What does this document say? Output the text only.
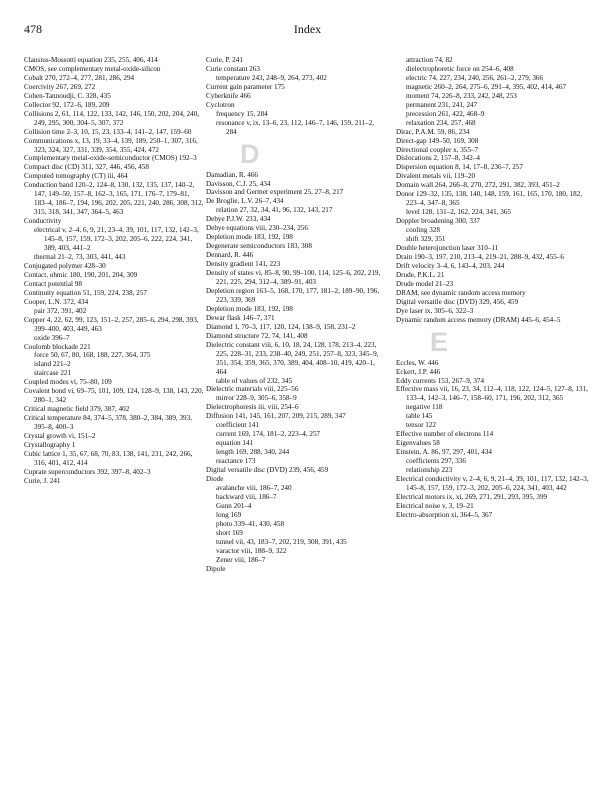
478	Index
Clausius-Mossotti equation 235, 255, 406, 414
CMOS, see complementary metal-oxide-silicon
Cobalt 270, 272–4, 277, 281, 286, 294
Coercivity 267, 269, 272
Cohen-Tannoudji, C. 328, 435
Collector 92, 172–6, 189, 209
Collisions 2, 61, 114, 122, 133, 142, 146, 150, 202, 204, 240, 249, 295, 300, 304–5, 307, 372
Collision time 2–3, 10, 15, 23, 133–4, 141–2, 147, 159–60
Communications x, 13, 19, 33–4, 139, 189, 250–1, 307, 316, 323, 324, 327, 331, 339, 354, 355, 424, 472
Complementary metal-oxide-semiconductor (CMOS) 192–3
Compact disc (CD) 311, 327, 446, 456, 458
Computed tomography (CT) iii, 464
Conduction band 120–2, 124–8, 130, 132, 135, 137, 140–2, 147, 149–50, 157–8, 162–3, 165, 171, 176–7, 179–81, 183–4, 186–7, 194, 196, 202, 205, 221, 240, 286, 308, 312, 315, 318, 341, 347, 364–5, 463
Conductivity
electrical v, 2–4, 6, 9, 21, 23–4, 39, 101, 117, 132, 142–3, 145–8, 157, 159, 172–3, 202, 205–6, 222, 224, 341, 389, 403, 441–2
thermal 21–2, 73, 303, 441, 443
Conjugated polymer 428–30
Contact, ohmic 180, 190, 201, 204, 309
Contact potential 98
Continuity equation 51, 159, 224, 238, 257
Cooper, L.N. 372, 434
pair 372, 391, 402
Copper 4, 22, 62, 99, 123, 151–2, 257, 285–6, 294, 298, 393, 399–400, 403, 449, 463
oxide 396–7
Coulomb blockade 221
force 50, 67, 80, 168, 188, 227, 364, 375
island 221–2
staircase 221
Coupled modes vi, 75–80, 109
Covalent bond vi, 69–75, 101, 109, 124, 128–9, 138, 143, 220, 280–1, 342
Critical magnetic field 379, 387, 402
Critical temperature 84, 374–5, 378, 380–2, 384, 389, 393, 395–8, 400–3
Crystal growth vi, 151–2
Crystallography 1
Cubic lattice 1, 35, 67, 68, 70, 83, 138, 141, 231, 242, 266, 316, 401, 412, 414
Cuprate superconductors 392, 397–8, 402–3
Curie, J. 241
Curie, P. 241
Curie constant 263
temperature 243, 248–9, 264, 273, 402
Current gain parameter 175
Cyberknife 466
Cyclotron
frequency 15, 284
resonance v, ix, 13–6, 23, 112, 146–7, 146, 159, 211–2, 284
D
Damadian, R. 466
Davisson, C.J. 25, 434
Davisson and Germer experiment 25, 27–8, 217
De Broglie, L.V. 26–7, 434
relation 27, 32, 34, 41, 96, 132, 143, 217
Debye P.J.W. 233, 434
Debye equations viii, 230–234, 256
Depletion mode 183, 192, 198
Degenerate semiconductors 183, 308
Dennard, R. 446
Density gradient 141, 223
Density of states vi, 85–8, 90, 99–100, 114, 125–6, 202, 219, 221, 225, 294, 312–4, 389–91, 403
Depletion region 163–5, 168, 170, 177, 181–2, 189–90, 196, 223, 339, 369
Depletion mode 183, 192, 198
Dewar flask 146–7, 371
Diamond 1, 70–3, 117, 120, 124, 138–9, 158, 231–2
Diamond structure 72, 74, 141, 408
Dielectric constant viii, 6, 10, 18, 24, 128, 178, 213–4, 223, 225, 228–31, 233, 238–40, 249, 251, 257–8, 323, 345–9, 351, 354, 359, 365, 370, 389, 404, 408–10, 419, 420–1, 464
table of values of 232, 345
Dielectric materials viii, 225–56
mirror 228–9, 305–6, 358–9
Dielectrophoresis iii, viii, 254–6
Diffusion 141, 145, 161, 207, 209, 215, 289, 347
coefficient 141
current 169, 174, 181–2, 223–4, 257
equation 141
length 169, 288, 340, 244
reactance 173
Digital versatile disc (DVD) 239, 456, 459
Diode
avalanche viii, 186–7, 240
backward viii, 186–7
Gunn 201–4
long 169
photo 339–41, 430, 458
short 169
tunnel vii, 43, 183–7, 202, 219, 308, 391, 435
varactor viii, 188–9, 322
Zener viii, 186–7
Dipole
attraction 74, 82
dielectrophoretic force on 254–6, 408
electric 74, 227, 234, 240, 256, 261–2, 279, 366
magnetic 260–2, 264, 275–6, 291–4, 395, 402, 414, 467
moment 74, 226–8, 233, 242, 248, 253
permanent 231, 241, 247
precession 261, 422, 468–9
relaxation 234, 257, 468
Dirac, P.A.M. 59, 86, 234
Direct-gap 149–50, 169, 308
Directional coupler x, 355–7
Dislocations 2, 157–8, 342–4
Dispersion equation 8, 14, 17–8, 236–7, 257
Divalent metals vii, 119–20
Domain wall 264, 266–8, 270, 272, 291, 382, 393, 451–2
Donor 129–32, 135, 138, 140, 148, 159, 161, 165, 170, 180, 182, 223–4, 347–8, 365
level 128, 131–2, 162, 224, 341, 365
Doppler broadening 300, 337
cooling 328
shift 329, 351
Double heterojunction laser 310–11
Drain 190–3, 197, 210, 213–4, 219–21, 288–9, 432, 455–6
Drift velocity 3–4, 6, 143–4, 203, 244
Drude, P.K.L. 21
Drude model 21–23
DRAM, see dynamic random access memory
Digital versatile disc (DVD) 329, 456, 459
Dye laser ix, 305–6, 322–3
Dynamic random access memory (DRAM) 445–6, 454–5
E
Eccles, W. 446
Eckert, J.P. 446
Eddy currents 153, 267–9, 374
Effective mass vii, 16, 23, 34, 112–4, 118, 122, 124–5, 127–8, 131, 133–4, 142–3, 146–7, 158–60, 171, 196, 202, 312, 365
negative 118
table 145
tensor 122
Effective number of electrons 114
Eigenvalues 58
Einstein, A. 86, 97, 297, 401, 434
coefficients 297, 336
relationship 223
Electrical conductivity v, 2–4, 6, 9, 21–4, 39, 101, 117, 132, 142–3, 145–8, 157, 159, 172–3, 202, 205–6, 224, 341, 403, 442
Electrical motors ix, xi, 269, 271, 291, 293, 395, 399
Electrical noise v, 3, 19–21
Electro-absorption xi, 364–5, 367
